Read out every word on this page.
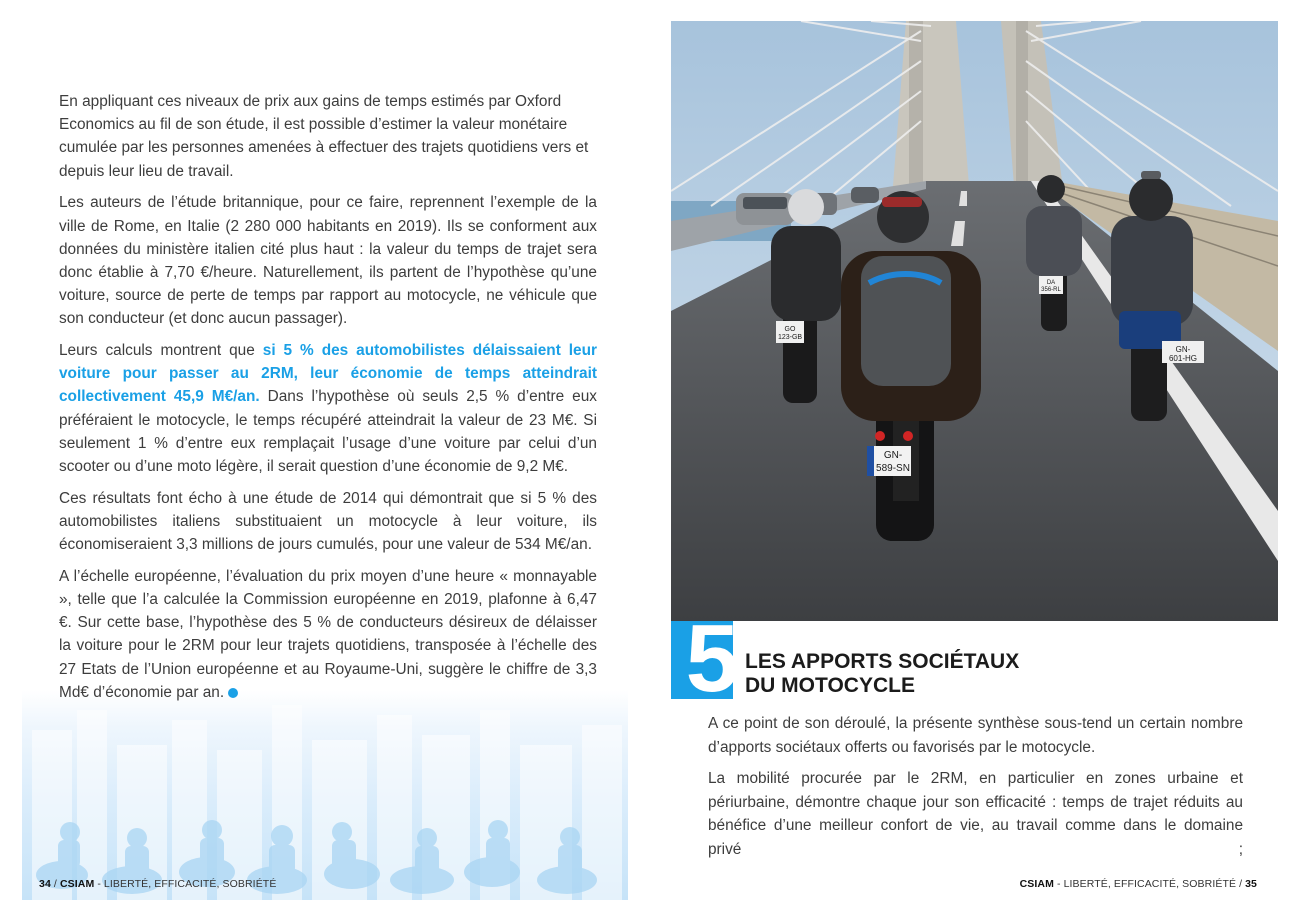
En appliquant ces niveaux de prix aux gains de temps estimés par Oxford Economics au fil de son étude, il est possible d’estimer la valeur monétaire cumulée par les personnes amenées à effectuer des trajets quotidiens vers et depuis leur lieu de travail.

Les auteurs de l’étude britannique, pour ce faire, reprennent l’exemple de la ville de Rome, en Italie (2 280 000 habitants en 2019). Ils se conforment aux données du ministère italien cité plus haut : la valeur du temps de trajet sera donc établie à 7,70 €/heure. Naturellement, ils partent de l’hypothèse qu’une voiture, source de perte de temps par rapport au motocycle, ne véhicule que son conducteur (et donc aucun passager).

Leurs calculs montrent que si 5 % des automobilistes délaissaient leur voiture pour passer au 2RM, leur économie de temps atteindrait collectivement 45,9 M€/an. Dans l’hypothèse où seuls 2,5 % d’entre eux préféraient le motocycle, le temps récupéré atteindrait la valeur de 23 M€. Si seulement 1 % d’entre eux remplaçait l’usage d’une voiture par celui d’un scooter ou d’une moto légère, il serait question d’une économie de 9,2 M€.

Ces résultats font écho à une étude de 2014 qui démontrait que si 5 % des automobilistes italiens substituaient un motocycle à leur voiture, ils économiseraient 3,3 millions de jours cumulés, pour une valeur de 534 M€/an.

A l’échelle européenne, l’évaluation du prix moyen d’une heure « monnayable », telle que l’a calculée la Commission européenne en 2019, plafonne à 6,47 €. Sur cette base, l’hypothèse des 5 % de conducteurs désireux de délaisser la voiture pour le 2RM pour leur trajets quotidiens, transposée à l’échelle des 27 Etats de l’Union européenne et au Royaume-Uni, suggère le chiffre de 3,3 Md€ d’économie par an.

34 / CSIAM - LIBERTÉ, EFFICACITÉ, SOBRIÉTÉ
GN-
601-HG
GO
123-GB
DA
356-RL
GN-
589-SN
5 LES APPORTS SOCIÉTAUX
DU MOTOCYCLE

A ce point de son déroulé, la présente synthèse sous-tend un certain nombre d’apports sociétaux offerts ou favorisés par le motocycle.

La mobilité procurée par le 2RM, en particulier en zones urbaine et périurbaine, démontre chaque jour son efficacité : temps de trajet réduits au bénéfice d’une meilleur confort de vie, au travail comme dans le domaine privé ;

CSIAM - LIBERTÉ, EFFICACITÉ, SOBRIÉTÉ / 35
